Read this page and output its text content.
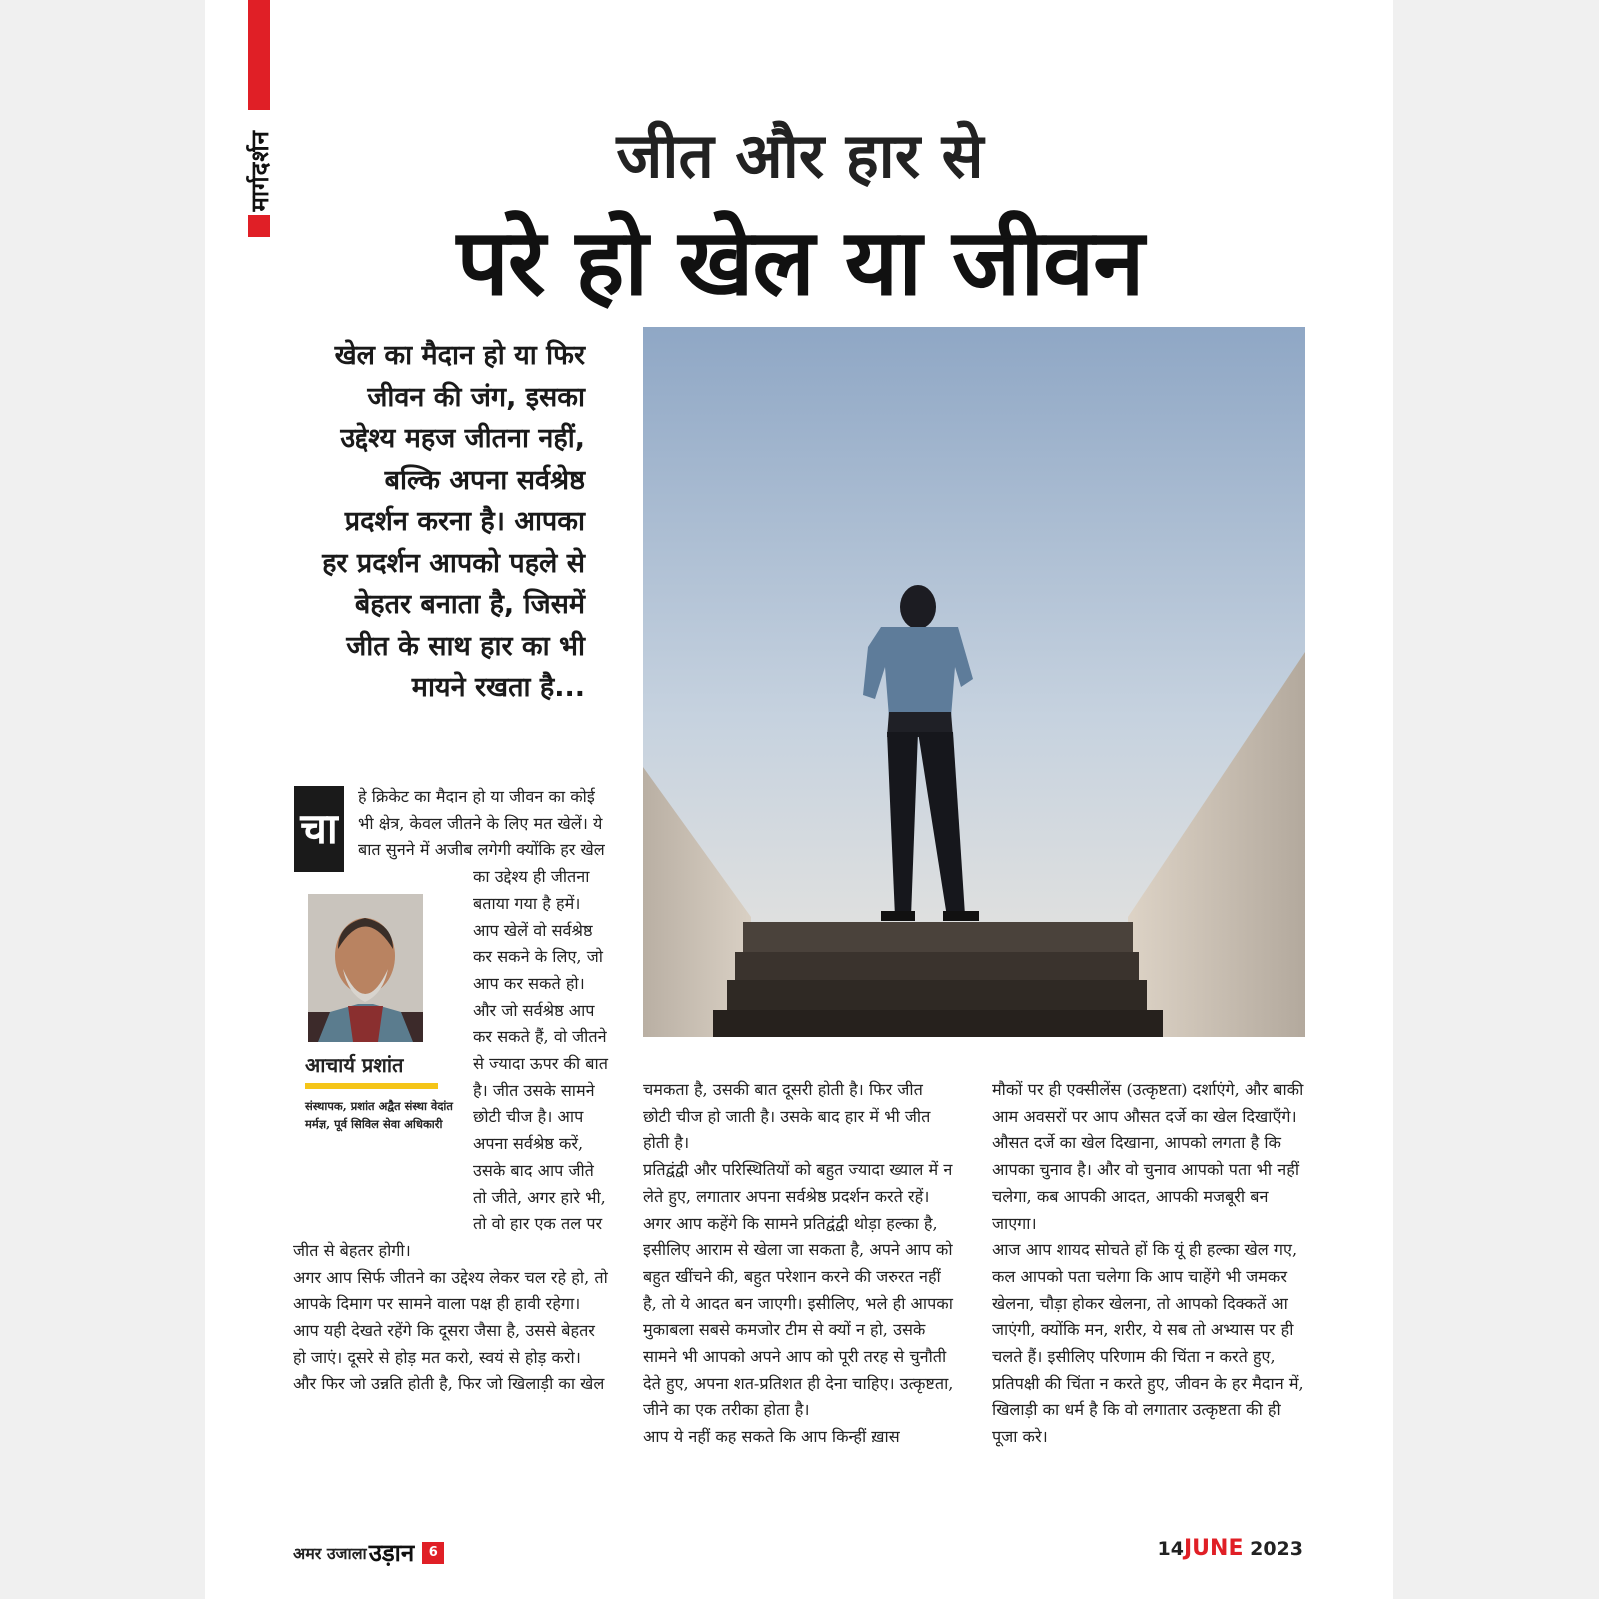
मार्गदर्शन	जीत और हार से
परे हो खेल या जीवन
खेल का मैदान हो या फिर
जीवन की जंग, इसका
उद्देश्य महज जीतना नहीं,
बल्कि अपना सर्वश्रेष्ठ
प्रदर्शन करना है। आपका
हर प्रदर्शन आपको पहले से
बेहतर बनाता है, जिसमें
जीत के साथ हार का भी
मायने रखता है...
चा
आचार्य प्रशांत
संस्थापक, प्रशांत अद्वैत संस्था वेदांत मर्मज्ञ, पूर्व सिविल सेवा अधिकारी

हे क्रिकेट का मैदान हो या जीवन का कोई भी क्षेत्र, केवल जीतने के लिए मत खेलें। ये बात सुनने में अजीब लगेगी क्योंकि हर खेल का उद्देश्य ही जीतना बताया गया है हमें। आप खेलें वो सर्वश्रेष्ठ कर सकने के लिए, जो आप कर सकते हो। और जो सर्वश्रेष्ठ आप कर सकते हैं, वो जीतने से ज्यादा ऊपर की बात है। जीत उसके सामने छोटी चीज है। आप अपना सर्वश्रेष्ठ करें, उसके बाद आप जीते तो जीते, अगर हारे भी, तो वो हार एक तल पर जीत से बेहतर होगी।

अगर आप सिर्फ जीतने का उद्देश्य लेकर चल रहे हो, तो आपके दिमाग पर सामने वाला पक्ष ही हावी रहेगा। आप यही देखते रहेंगे कि दूसरा जैसा है, उससे बेहतर हो जाएं। दूसरे से होड़ मत करो, स्वयं से होड़ करो। और फिर जो उन्नति होती है, फिर जो खिलाड़ी का खेल

चमकता है, उसकी बात दूसरी होती है। फिर जीत छोटी चीज हो जाती है। उसके बाद हार में भी जीत होती है।

प्रतिद्वंद्वी और परिस्थितियों को बहुत ज्यादा ख्याल में न लेते हुए, लगातार अपना सर्वश्रेष्ठ प्रदर्शन करते रहें। अगर आप कहेंगे कि सामने प्रतिद्वंद्वी थोड़ा हल्का है, इसीलिए आराम से खेला जा सकता है, अपने आप को बहुत खींचने की, बहुत परेशान करने की जरुरत नहीं है, तो ये आदत बन जाएगी। इसीलिए, भले ही आपका मुकाबला सबसे कमजोर टीम से क्यों न हो, उसके सामने भी आपको अपने आप को पूरी तरह से चुनौती देते हुए, अपना शत-प्रतिशत ही देना चाहिए। उत्कृष्टता, जीने का एक तरीका होता है।

आप ये नहीं कह सकते कि आप किन्हीं ख़ास

मौकों पर ही एक्सीलेंस (उत्कृष्टता) दर्शाएंगे, और बाकी आम अवसरों पर आप औसत दर्जे का खेल दिखाएँगे। औसत दर्जे का खेल दिखाना, आपको लगता है कि आपका चुनाव है। और वो चुनाव आपको पता भी नहीं चलेगा, कब आपकी आदत, आपकी मजबूरी बन जाएगा।

आज आप शायद सोचते हों कि यूं ही हल्का खेल गए, कल आपको पता चलेगा कि आप चाहेंगे भी जमकर खेलना, चौड़ा होकर खेलना, तो आपको दिक्कतें आ जाएंगी, क्योंकि मन, शरीर, ये सब तो अभ्यास पर ही चलते हैं। इसीलिए परिणाम की चिंता न करते हुए, प्रतिपक्षी की चिंता न करते हुए, जीवन के हर मैदान में, खिलाड़ी का धर्म है कि वो लगातार उत्कृष्टता की ही पूजा करे।

अमर उजाला उड़ान	6	14JUNE 2023
